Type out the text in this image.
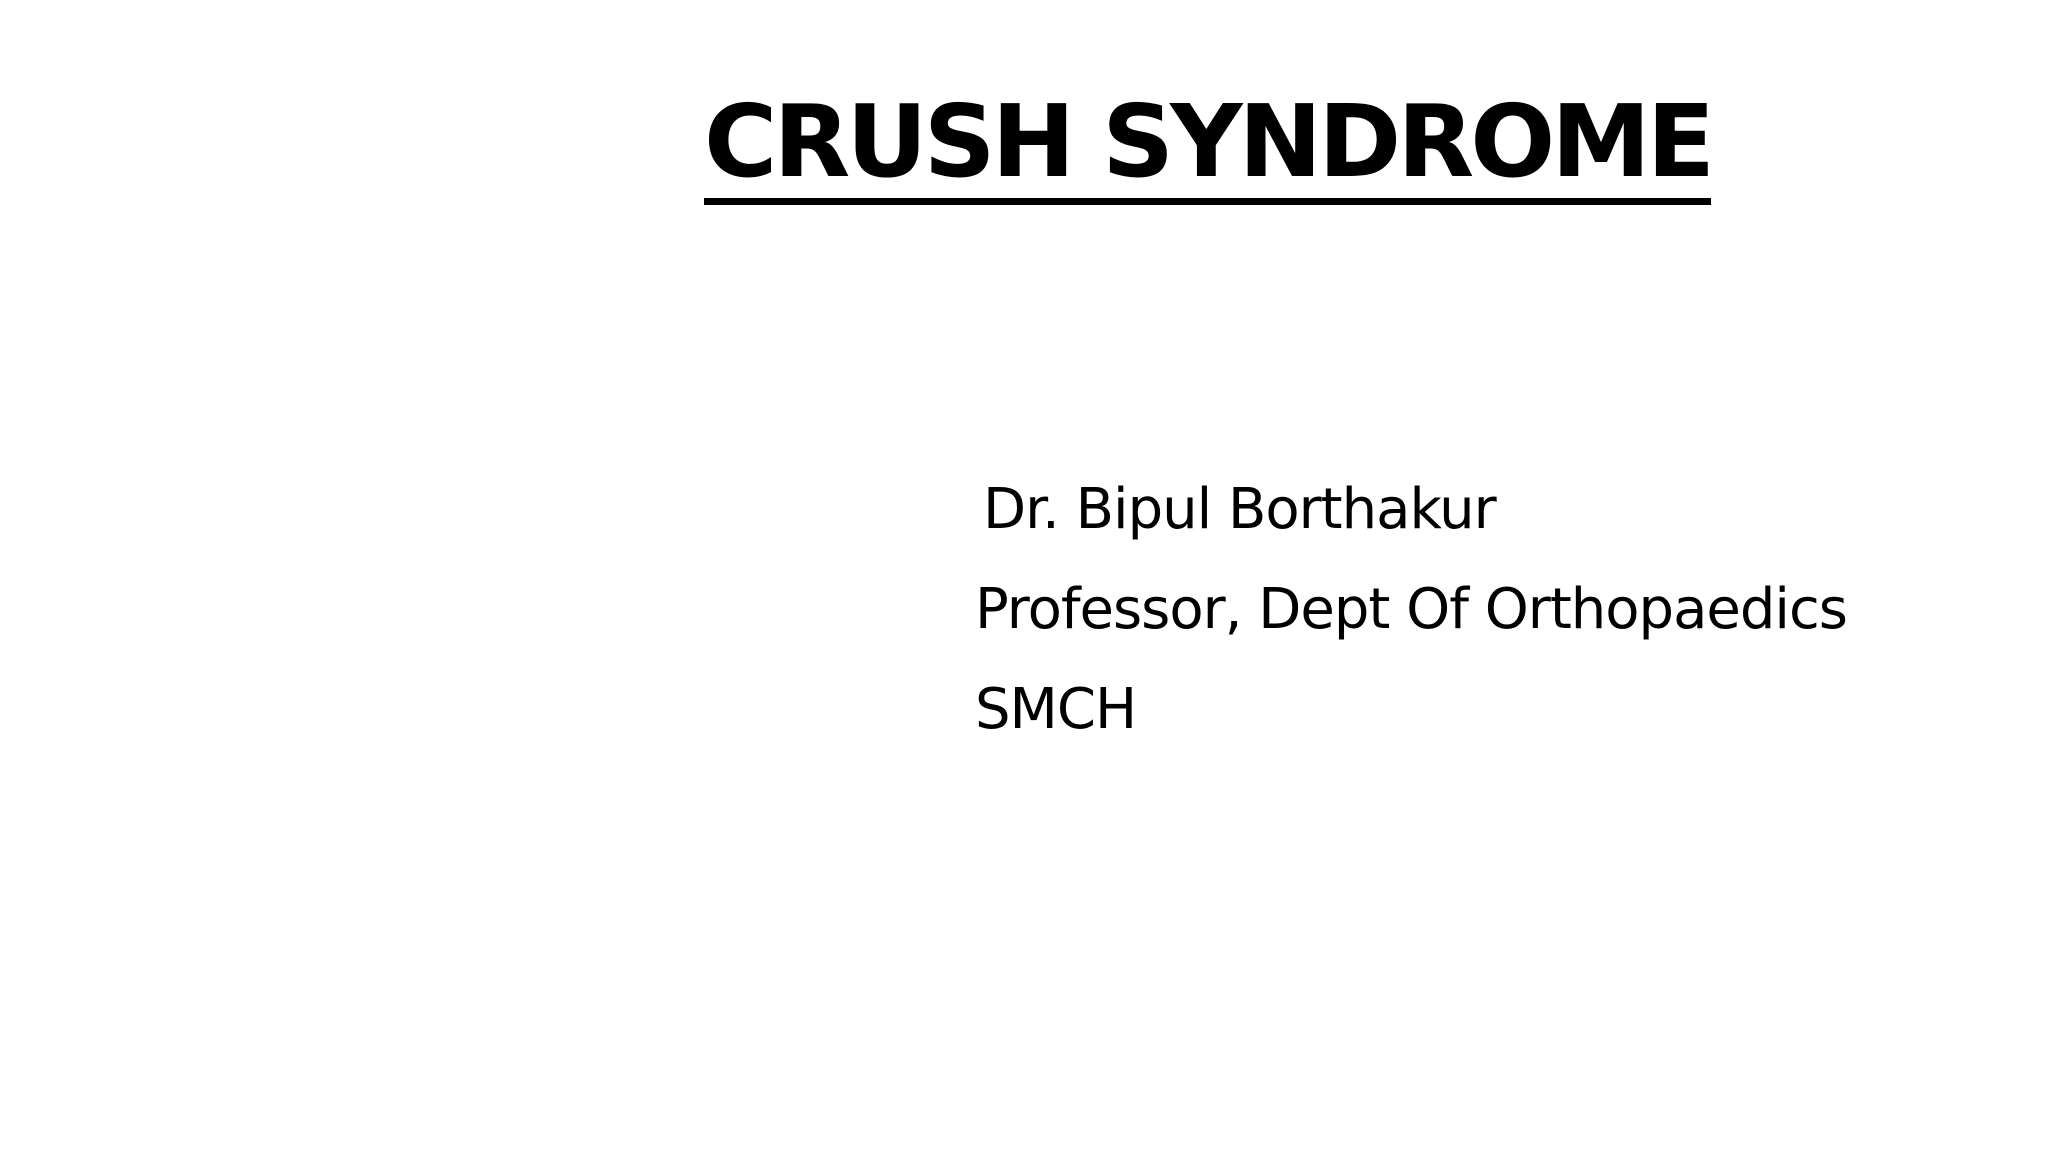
CRUSH SYNDROME
Dr. Bipul Borthakur
Professor, Dept Of Orthopaedics
SMCH
